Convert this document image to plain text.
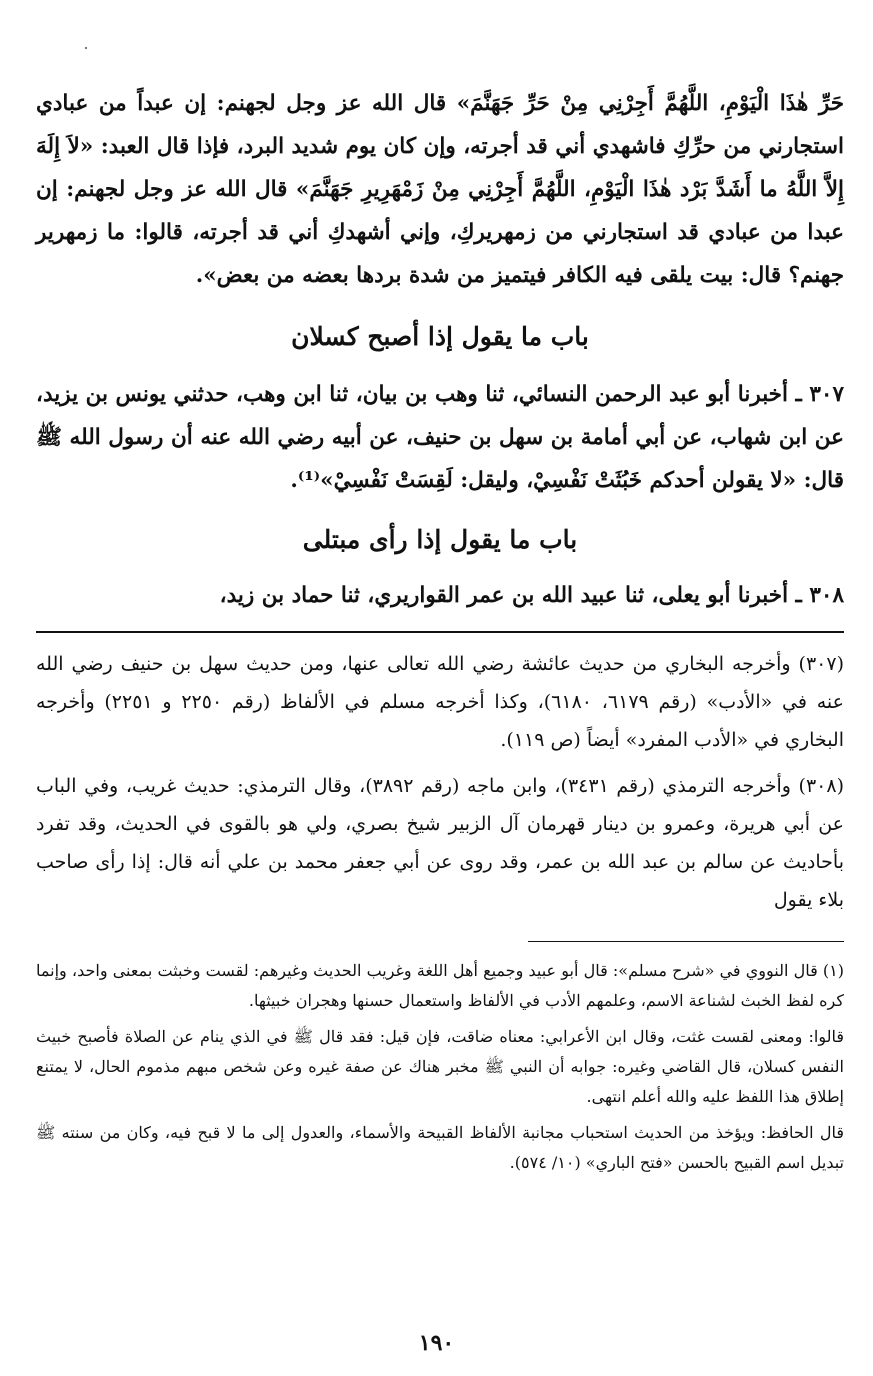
حَرِّ هٰذَا الْيَوْمِ، اللَّهُمَّ أَجِرْنِي مِنْ حَرِّ جَهَنَّمَ» قال الله عز وجل لجهنم: إن عبداً من عبادي استجارني من حرِّكِ فاشهدي أني قد أجرته، وإن كان يوم شديد البرد، فإذا قال العبد: «لاَ إِلَهَ إِلاَّ اللَّهُ ما أَشَدَّ بَرْد هٰذَا الْيَوْمِ، اللَّهُمَّ أَجِرْنِي مِنْ زَمْهَرِيرِ جَهَنَّمَ» قال الله عز وجل لجهنم: إن عبدا من عبادي قد استجارني من زمهريركِ، وإني أشهدكِ أني قد أجرته، قالوا: ما زمهرير جهنم؟ قال: بيت يلقى فيه الكافر فيتميز من شدة بردها بعضه من بعض».

باب ما يقول إذا أصبح كسلان

٣٠٧ ـ أخبرنا أبو عبد الرحمن النسائي، ثنا وهب بن بيان، ثنا ابن وهب، حدثني يونس بن يزيد، عن ابن شهاب، عن أبي أمامة بن سهل بن حنيف، عن أبيه رضي الله عنه أن رسول الله ﷺ قال: «لا يقولن أحدكم خَبُثَتْ نَفْسِيْ، وليقل: لَقِسَتْ نَفْسِيْ»⁽¹⁾.

باب ما يقول إذا رأى مبتلى

٣٠٨ ـ أخبرنا أبو يعلى، ثنا عبيد الله بن عمر القواريري، ثنا حماد بن زيد،

(٣٠٧) وأخرجه البخاري من حديث عائشة رضي الله تعالى عنها، ومن حديث سهل بن حنيف رضي الله عنه في «الأدب» (رقم ٦١٧٩، ٦١٨٠)، وكذا أخرجه مسلم في الألفاظ (رقم ٢٢٥٠ و ٢٢٥١) وأخرجه البخاري في «الأدب المفرد» أيضاً (ص ١١٩).

(٣٠٨) وأخرجه الترمذي (رقم ٣٤٣١)، وابن ماجه (رقم ٣٨٩٢)، وقال الترمذي: حديث غريب، وفي الباب عن أبي هريرة، وعمرو بن دينار قهرمان آل الزبير شيخ بصري، ولي هو بالقوى في الحديث، وقد تفرد بأحاديث عن سالم بن عبد الله بن عمر، وقد روى عن أبي جعفر محمد بن علي أنه قال: إذا رأى صاحب بلاء يقول

(١) قال النووي في «شرح مسلم»: قال أبو عبيد وجميع أهل اللغة وغريب الحديث وغيرهم: لقست وخبثت بمعنى واحد، وإنما كره لفظ الخبث لشناعة الاسم، وعلمهم الأدب في الألفاظ واستعمال حسنها وهجران خبيثها.

قالوا: ومعنى لقست غثت، وقال ابن الأعرابي: معناه ضاقت، فإن قيل: فقد قال ﷺ في الذي ينام عن الصلاة فأصبح خبيث النفس كسلان، قال القاضي وغيره: جوابه أن النبي ﷺ مخبر هناك عن صفة غيره وعن شخص مبهم مذموم الحال، لا يمتنع إطلاق هذا اللفظ عليه والله أعلم انتهى.

قال الحافظ: ويؤخذ من الحديث استحباب مجانبة الألفاظ القبيحة والأسماء، والعدول إلى ما لا قبح فيه، وكان من سنته ﷺ تبديل اسم القبيح بالحسن «فتح الباري» (١٠/ ٥٧٤).

١٩٠
